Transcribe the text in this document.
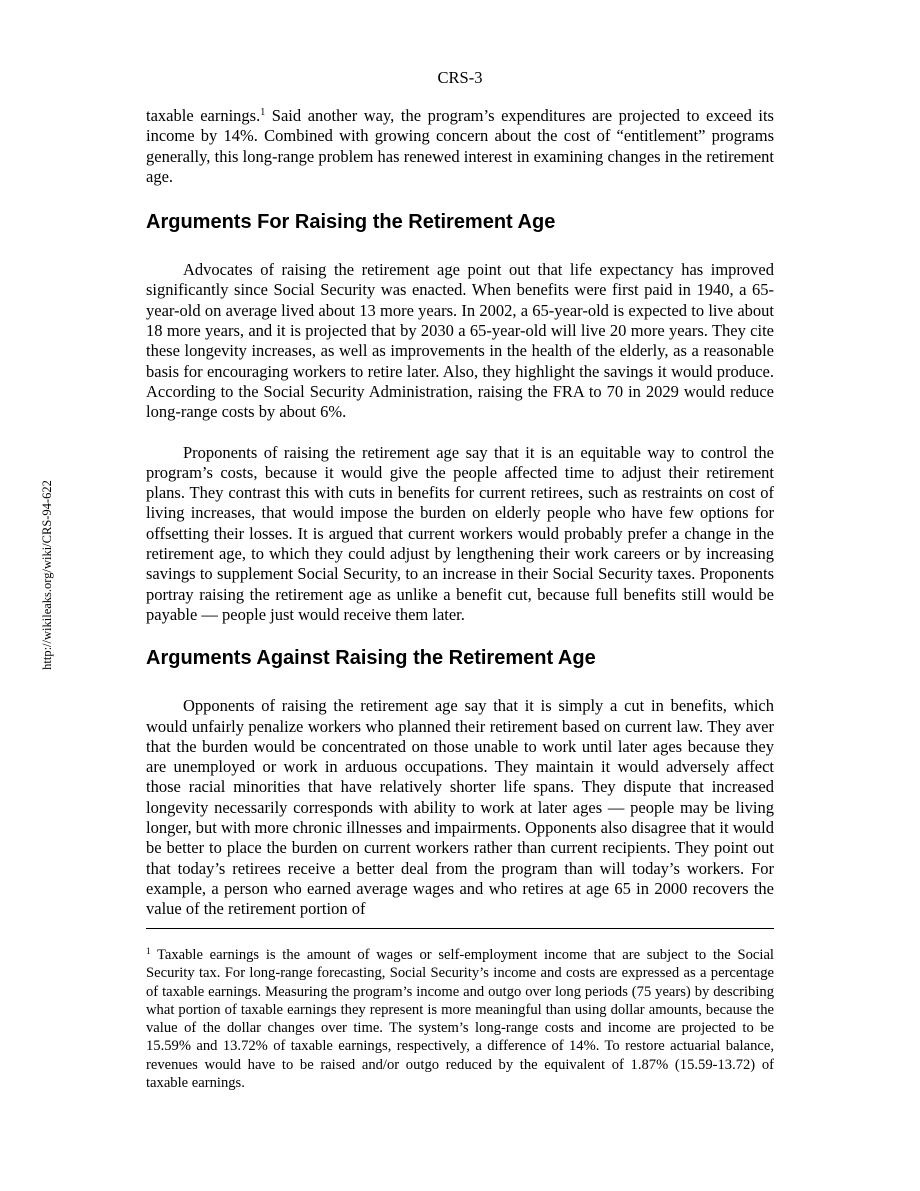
CRS-3
http://wikileaks.org/wiki/CRS-94-622

taxable earnings.$^1$ Said another way, the program’s expenditures are projected to exceed its income by 14%. Combined with growing concern about the cost of “entitlement” programs generally, this long-range problem has renewed interest in examining changes in the retirement age.

Arguments For Raising the Retirement Age

Advocates of raising the retirement age point out that life expectancy has improved significantly since Social Security was enacted. When benefits were first paid in 1940, a 65-year-old on average lived about 13 more years. In 2002, a 65-year-old is expected to live about 18 more years, and it is projected that by 2030 a 65-year-old will live 20 more years. They cite these longevity increases, as well as improvements in the health of the elderly, as a reasonable basis for encouraging workers to retire later. Also, they highlight the savings it would produce. According to the Social Security Administration, raising the FRA to 70 in 2029 would reduce long-range costs by about 6%.

Proponents of raising the retirement age say that it is an equitable way to control the program’s costs, because it would give the people affected time to adjust their retirement plans. They contrast this with cuts in benefits for current retirees, such as restraints on cost of living increases, that would impose the burden on elderly people who have few options for offsetting their losses. It is argued that current workers would probably prefer a change in the retirement age, to which they could adjust by lengthening their work careers or by increasing savings to supplement Social Security, to an increase in their Social Security taxes. Proponents portray raising the retirement age as unlike a benefit cut, because full benefits still would be payable — people just would receive them later.

Arguments Against Raising the Retirement Age

Opponents of raising the retirement age say that it is simply a cut in benefits, which would unfairly penalize workers who planned their retirement based on current law. They aver that the burden would be concentrated on those unable to work until later ages because they are unemployed or work in arduous occupations. They maintain it would adversely affect those racial minorities that have relatively shorter life spans. They dispute that increased longevity necessarily corresponds with ability to work at later ages — people may be living longer, but with more chronic illnesses and impairments. Opponents also disagree that it would be better to place the burden on current workers rather than current recipients. They point out that today’s retirees receive a better deal from the program than will today’s workers. For example, a person who earned average wages and who retires at age 65 in 2000 recovers the value of the retirement portion of

$^1$ Taxable earnings is the amount of wages or self-employment income that are subject to the Social Security tax. For long-range forecasting, Social Security’s income and costs are expressed as a percentage of taxable earnings. Measuring the program’s income and outgo over long periods (75 years) by describing what portion of taxable earnings they represent is more meaningful than using dollar amounts, because the value of the dollar changes over time. The system’s long-range costs and income are projected to be 15.59% and 13.72% of taxable earnings, respectively, a difference of 14%. To restore actuarial balance, revenues would have to be raised and/or outgo reduced by the equivalent of 1.87% (15.59-13.72) of taxable earnings.
